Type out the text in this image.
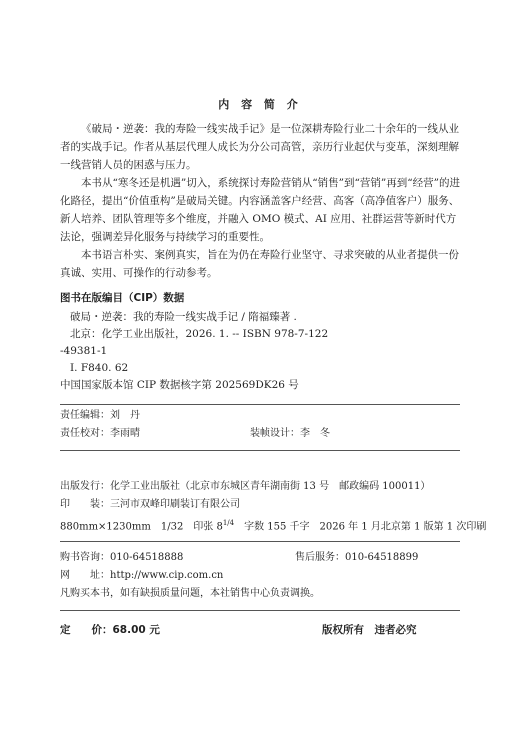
内 容 简 介

《破局・逆袭：我的寿险一线实战手记》是一位深耕寿险行业二十余年的一线从业者的实战手记。作者从基层代理人成长为分公司高管，亲历行业起伏与变革，深刻理解一线营销人员的困惑与压力。

本书从“寒冬还是机遇”切入，系统探讨寿险营销从“销售”到“营销”再到“经营”的进化路径，提出“价值重构”是破局关键。内容涵盖客户经营、高客（高净值客户）服务、新人培养、团队管理等多个维度，并融入 OMO 模式、AI 应用、社群运营等新时代方法论，强调差异化服务与持续学习的重要性。

本书语言朴实、案例真实，旨在为仍在寿险行业坚守、寻求突破的从业者提供一份真诚、实用、可操作的行动参考。

图书在版编目（CIP）数据
破局・逆袭：我的寿险一线实战手记 / 隋福臻著 .
北京：化学工业出版社，2026. 1. -- ISBN 978-7-122
-49381-1
Ⅰ. F840. 62
中国国家版本馆 CIP 数据核字第 202569DK26 号
责任编辑：刘　丹
责任校对：李雨晴	装帧设计：李　冬
出版发行：化学工业出版社（北京市东城区青年湖南街 13 号　邮政编码 100011）
印　　装：三河市双峰印刷装订有限公司
880mm×1230mm　1/32　印张 $8^{1/4}$　字数 155 千字　2026 年 1 月北京第 1 版第 1 次印刷
购书咨询：010-64518888	售后服务：010-64518899
网　　址：http://www.cip.com.cn
凡购买本书，如有缺损质量问题，本社销售中心负责调换。
定　　价：68.00 元	版权所有　违者必究
